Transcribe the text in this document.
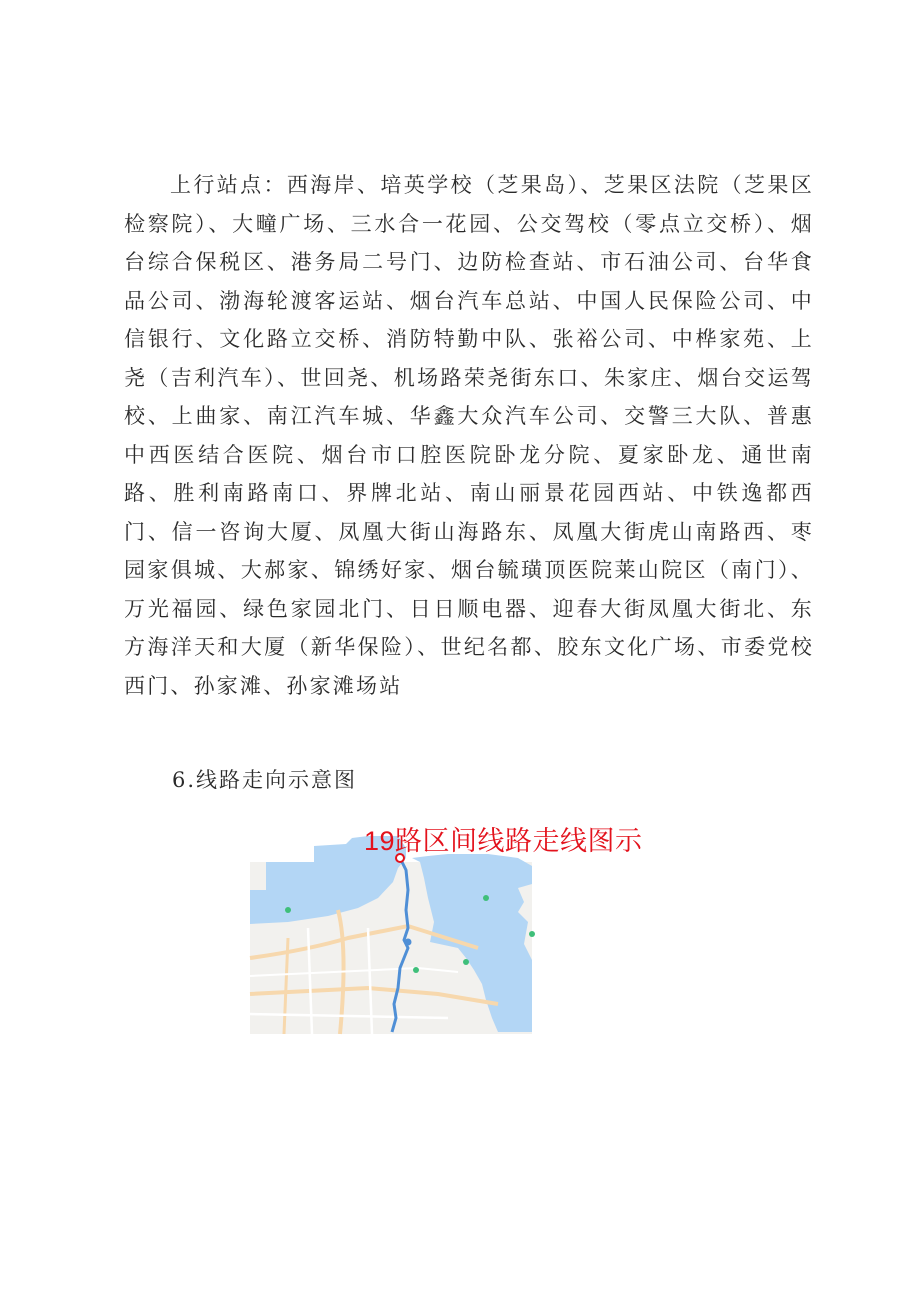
上行站点：西海岸、培英学校（芝果岛）、芝果区法院（芝果区检察院）、大疃广场、三水合一花园、公交驾校（零点立交桥）、烟台综合保税区、港务局二号门、边防检查站、市石油公司、台华食品公司、渤海轮渡客运站、烟台汽车总站、中国人民保险公司、中信银行、文化路立交桥、消防特勤中队、张裕公司、中桦家苑、上尧（吉利汽车）、世回尧、机场路荣尧街东口、朱家庄、烟台交运驾校、上曲家、南江汽车城、华鑫大众汽车公司、交警三大队、普惠中西医结合医院、烟台市口腔医院卧龙分院、夏家卧龙、通世南路、胜利南路南口、界牌北站、南山丽景花园西站、中铁逸都西门、信一咨询大厦、凤凰大街山海路东、凤凰大街虎山南路西、枣园家俱城、大郝家、锦绣好家、烟台毓璜顶医院莱山院区（南门）、万光福园、绿色家园北门、日日顺电器、迎春大街凤凰大街北、东方海洋天和大厦（新华保险）、世纪名都、胶东文化广场、市委党校西门、孙家滩、孙家滩场站

6.线路走向示意图

19路区间线路走线图示
